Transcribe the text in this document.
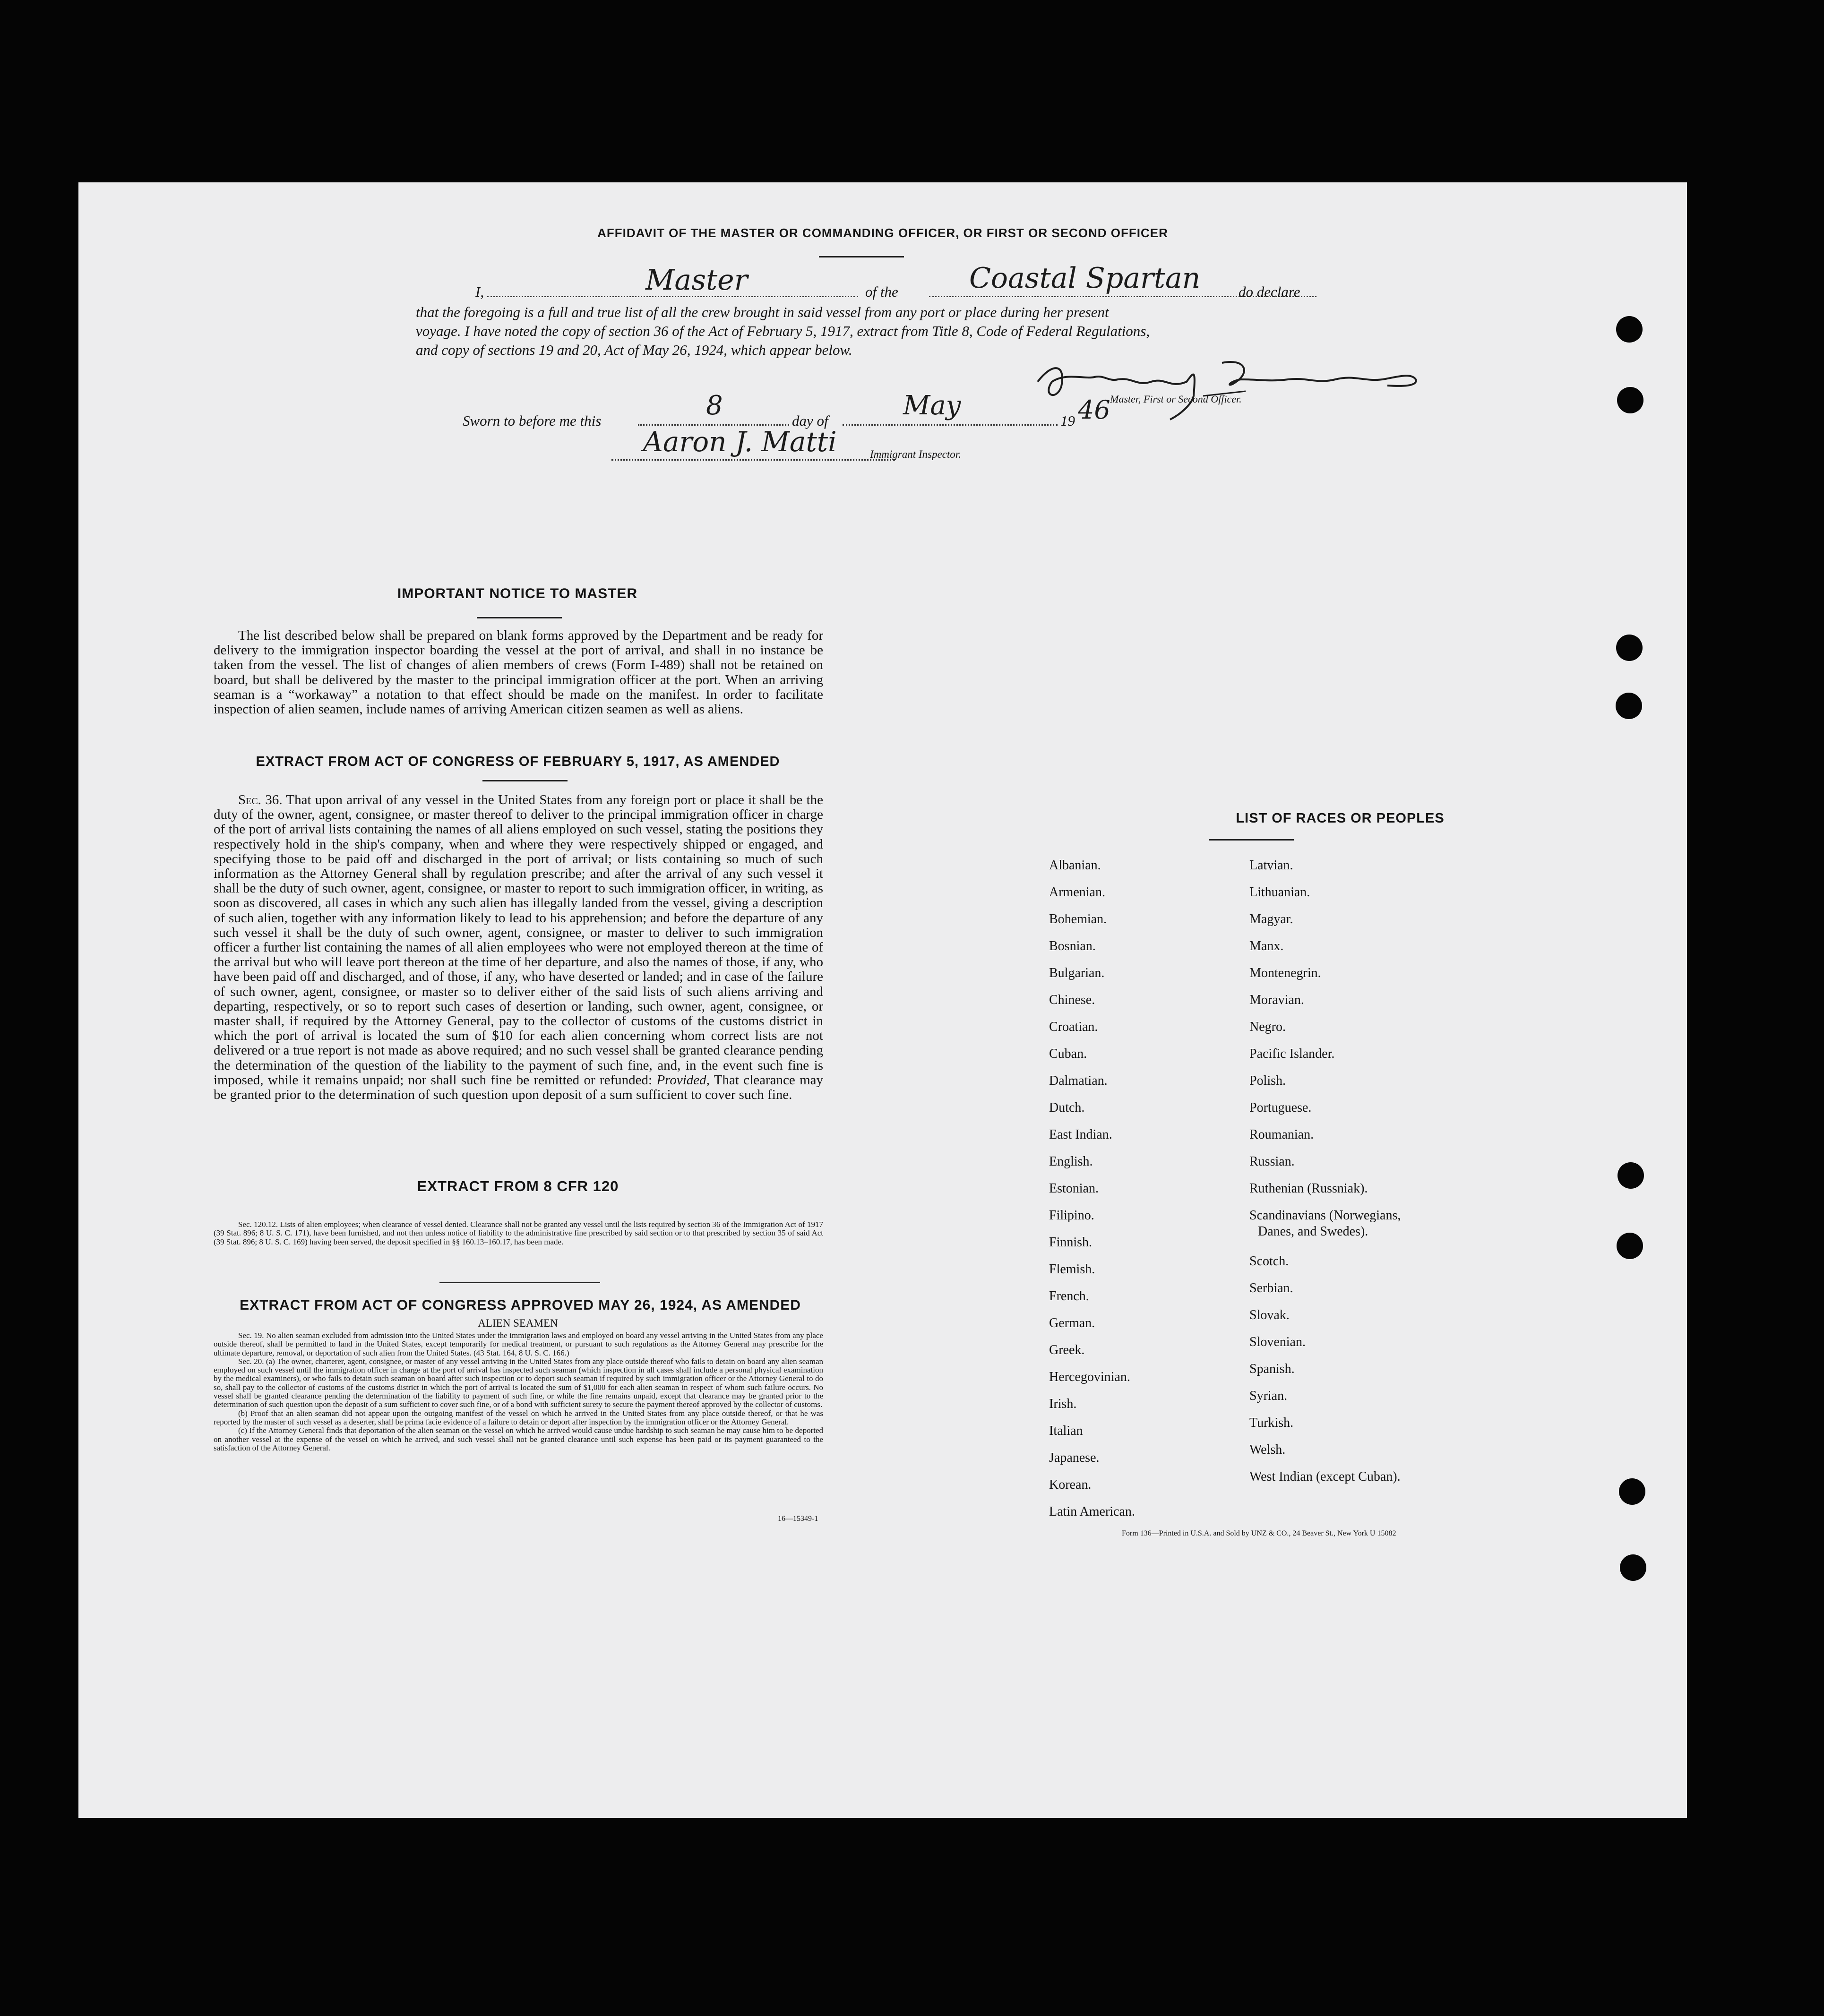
AFFIDAVIT OF THE MASTER OR COMMANDING OFFICER, OR FIRST OR SECOND OFFICER
I,	Master	of the	Coastal Spartan	do declare
that the foregoing is a full and true list of all the crew brought in said vessel from any port or place during her present
voyage. I have noted the copy of section 36 of the Act of February 5, 1917, extract from Title 8, Code of Federal Regulations,
and copy of sections 19 and 20, Act of May 26, 1924, which appear below.
Master, First or Second Officer.
Sworn to before me this	8	day of	May	19 46
Aaron J. Matti	Immigrant Inspector.
IMPORTANT NOTICE TO MASTER
The list described below shall be prepared on blank forms approved by the Department and be ready for delivery to the immigration inspector boarding the vessel at the port of arrival, and shall in no instance be taken from the vessel. The list of changes of alien members of crews (Form I-489) shall not be retained on board, but shall be delivered by the master to the principal immigration officer at the port. When an arriving seaman is a “workaway” a notation to that effect should be made on the manifest. In order to facilitate inspection of alien seamen, include names of arriving American citizen seamen as well as aliens.
EXTRACT FROM ACT OF CONGRESS OF FEBRUARY 5, 1917, AS AMENDED
Sec. 36. That upon arrival of any vessel in the United States from any foreign port or place it shall be the duty of the owner, agent, consignee, or master thereof to deliver to the principal immigration officer in charge of the port of arrival lists containing the names of all aliens employed on such vessel, stating the positions they respectively hold in the ship's company, when and where they were respectively shipped or engaged, and specifying those to be paid off and discharged in the port of arrival; or lists containing so much of such information as the Attorney General shall by regulation prescribe; and after the arrival of any such vessel it shall be the duty of such owner, agent, consignee, or master to report to such immigration officer, in writing, as soon as discovered, all cases in which any such alien has illegally landed from the vessel, giving a description of such alien, together with any information likely to lead to his apprehension; and before the departure of any such vessel it shall be the duty of such owner, agent, consignee, or master to deliver to such immigration officer a further list containing the names of all alien employees who were not employed thereon at the time of the arrival but who will leave port thereon at the time of her departure, and also the names of those, if any, who have been paid off and discharged, and of those, if any, who have deserted or landed; and in case of the failure of such owner, agent, consignee, or master so to deliver either of the said lists of such aliens arriving and departing, respectively, or so to report such cases of desertion or landing, such owner, agent, consignee, or master shall, if required by the Attorney General, pay to the collector of customs of the customs district in which the port of arrival is located the sum of $10 for each alien concerning whom correct lists are not delivered or a true report is not made as above required; and no such vessel shall be granted clearance pending the determination of the question of the liability to the payment of such fine, and, in the event such fine is imposed, while it remains unpaid; nor shall such fine be remitted or refunded: Provided, That clearance may be granted prior to the determination of such question upon deposit of a sum sufficient to cover such fine.
EXTRACT FROM 8 CFR 120
Sec. 120.12. Lists of alien employees; when clearance of vessel denied. Clearance shall not be granted any vessel until the lists required by section 36 of the Immigration Act of 1917 (39 Stat. 896; 8 U. S. C. 171), have been furnished, and not then unless notice of liability to the administrative fine prescribed by said section or to that prescribed by section 35 of said Act (39 Stat. 896; 8 U. S. C. 169) having been served, the deposit specified in §§ 160.13–160.17, has been made.
EXTRACT FROM ACT OF CONGRESS APPROVED MAY 26, 1924, AS AMENDED
ALIEN SEAMEN
Sec. 19. No alien seaman excluded from admission into the United States under the immigration laws and employed on board any vessel arriving in the United States from any place outside thereof, shall be permitted to land in the United States, except temporarily for medical treatment, or pursuant to such regulations as the Attorney General may prescribe for the ultimate departure, removal, or deportation of such alien from the United States. (43 Stat. 164, 8 U. S. C. 166.)
Sec. 20. (a) The owner, charterer, agent, consignee, or master of any vessel arriving in the United States from any place outside thereof who fails to detain on board any alien seaman employed on such vessel until the immigration officer in charge at the port of arrival has inspected such seaman (which inspection in all cases shall include a personal physical examination by the medical examiners), or who fails to detain such seaman on board after such inspection or to deport such seaman if required by such immigration officer or the Attorney General to do so, shall pay to the collector of customs of the customs district in which the port of arrival is located the sum of $1,000 for each alien seaman in respect of whom such failure occurs. No vessel shall be granted clearance pending the determination of the liability to payment of such fine, or while the fine remains unpaid, except that clearance may be granted prior to the determination of such question upon the deposit of a sum sufficient to cover such fine, or of a bond with sufficient surety to secure the payment thereof approved by the collector of customs.
(b) Proof that an alien seaman did not appear upon the outgoing manifest of the vessel on which he arrived in the United States from any place outside thereof, or that he was reported by the master of such vessel as a deserter, shall be prima facie evidence of a failure to detain or deport after inspection by the immigration officer or the Attorney General.
(c) If the Attorney General finds that deportation of the alien seaman on the vessel on which he arrived would cause undue hardship to such seaman he may cause him to be deported on another vessel at the expense of the vessel on which he arrived, and such vessel shall not be granted clearance until such expense has been paid or its payment guaranteed to the satisfaction of the Attorney General.
16—15349-1
LIST OF RACES OR PEOPLES
Albanian.
Armenian.
Bohemian.
Bosnian.
Bulgarian.
Chinese.
Croatian.
Cuban.
Dalmatian.
Dutch.
East Indian.
English.
Estonian.
Filipino.
Finnish.
Flemish.
French.
German.
Greek.
Hercegovinian.
Irish.
Italian
Japanese.
Korean.
Latin American.
Latvian.
Lithuanian.
Magyar.
Manx.
Montenegrin.
Moravian.
Negro.
Pacific Islander.
Polish.
Portuguese.
Roumanian.
Russian.
Ruthenian (Russniak).
Scandinavians (Norwegians,
Danes, and Swedes).
Scotch.
Serbian.
Slovak.
Slovenian.
Spanish.
Syrian.
Turkish.
Welsh.
West Indian (except Cuban).
Form 136—Printed in U.S.A. and Sold by UNZ & CO., 24 Beaver St., New York U 15082
